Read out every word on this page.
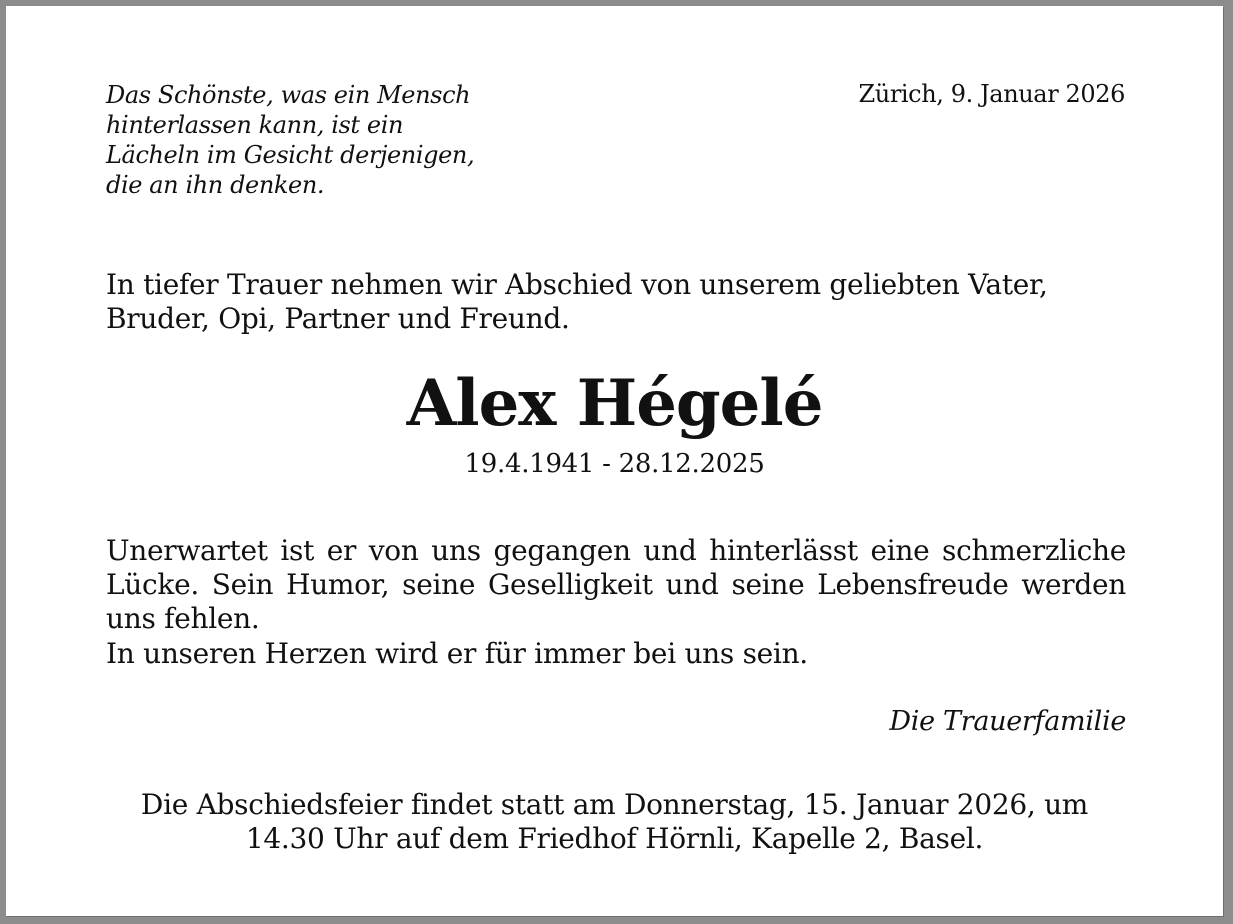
Das Schönste, was ein Mensch
hinterlassen kann, ist ein
Lächeln im Gesicht derjenigen,
die an ihn denken.

Zürich, 9. Januar 2026

In tiefer Trauer nehmen wir Abschied von unserem geliebten Vater, Bruder, Opi, Partner und Freund.

Alex Hégelé

19.4.1941 - 28.12.2025

Unerwartet ist er von uns gegangen und hinterlässt eine schmerzliche Lücke. Sein Humor, seine Geselligkeit und seine Lebensfreude werden uns fehlen.

In unseren Herzen wird er für immer bei uns sein.

Die Trauerfamilie

Die Abschiedsfeier findet statt am Donnerstag, 15. Januar 2026, um
14.30 Uhr auf dem Friedhof Hörnli, Kapelle 2, Basel.
